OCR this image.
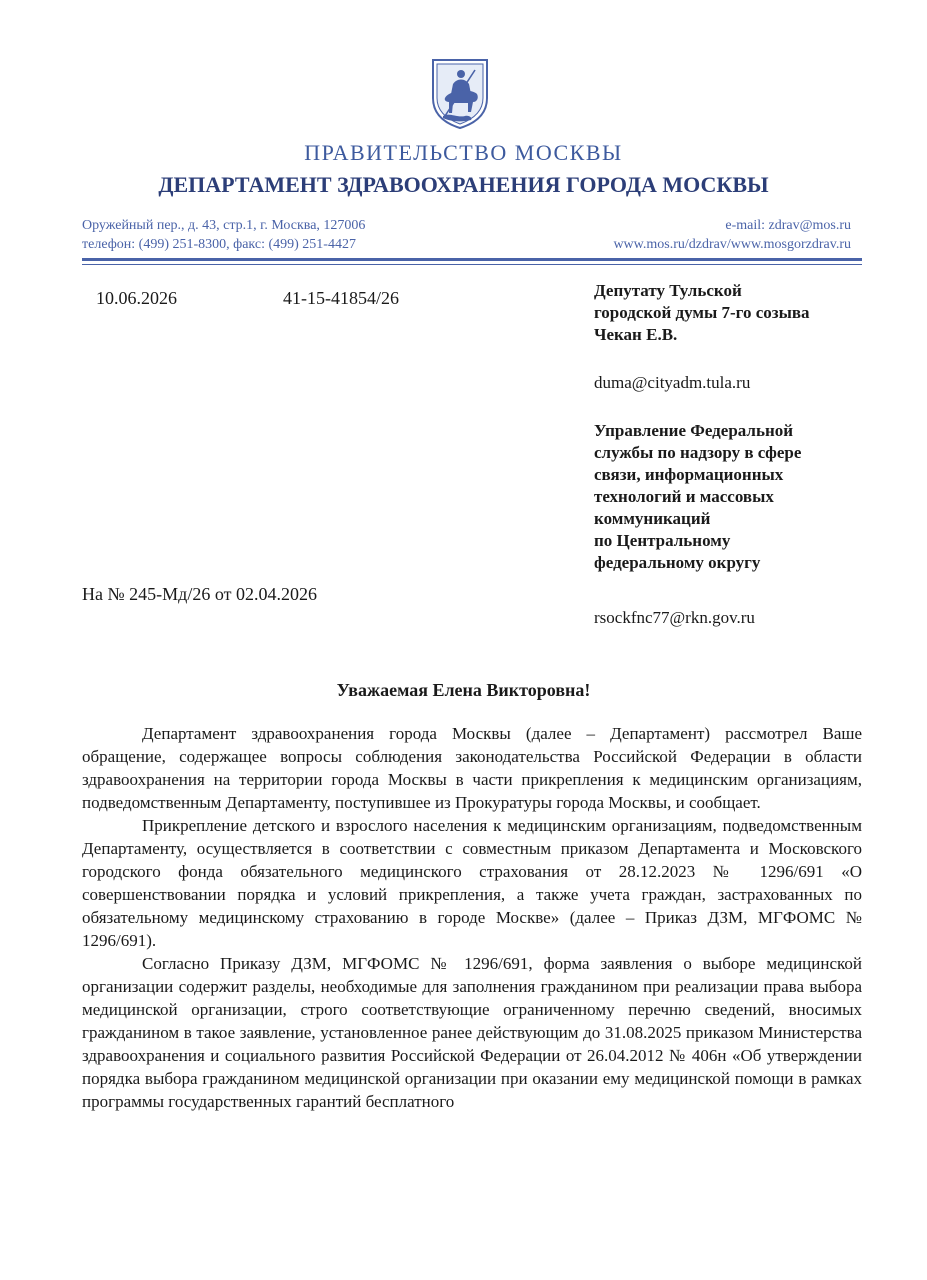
ПРАВИТЕЛЬСТВО МОСКВЫ
ДЕПАРТАМЕНТ ЗДРАВООХРАНЕНИЯ ГОРОДА МОСКВЫ
Оружейный пер., д. 43, стр.1, г. Москва, 127006
телефон: (499) 251-8300, факс: (499) 251-4427
e-mail: zdrav@mos.ru
www.mos.ru/dzdrav/www.mosgorzdrav.ru
10.06.2026	41-15-41854/26	Депутату Тульской
городской думы 7-го созыва
Чекан Е.В.
duma@cityadm.tula.ru
Управление Федеральной
службы по надзору в сфере
связи, информационных
технологий и массовых
коммуникаций
по Центральному
федеральному округу
На № 245-Мд/26 от 02.04.2026
rsockfnc77@rkn.gov.ru
Уважаемая Елена Викторовна!

Департамент здравоохранения города Москвы (далее – Департамент) рассмотрел Ваше обращение, содержащее вопросы соблюдения законодательства Российской Федерации в области здравоохранения на территории города Москвы в части прикрепления к медицинским организациям, подведомственным Департаменту, поступившее из Прокуратуры города Москвы, и сообщает.

Прикрепление детского и взрослого населения к медицинским организациям, подведомственным Департаменту, осуществляется в соответствии с совместным приказом Департамента и Московского городского фонда обязательного медицинского страхования от 28.12.2023 № 1296/691 «О совершенствовании порядка и условий прикрепления, а также учета граждан, застрахованных по обязательному медицинскому страхованию в городе Москве» (далее – Приказ ДЗМ, МГФОМС № 1296/691).

Согласно Приказу ДЗМ, МГФОМС № 1296/691, форма заявления о выборе медицинской организации содержит разделы, необходимые для заполнения гражданином при реализации права выбора медицинской организации, строго соответствующие ограниченному перечню сведений, вносимых гражданином в такое заявление, установленное ранее действующим до 31.08.2025 приказом Министерства здравоохранения и социального развития Российской Федерации от 26.04.2012 № 406н «Об утверждении порядка выбора гражданином медицинской организации при оказании ему медицинской помощи в рамках программы государственных гарантий бесплатного
